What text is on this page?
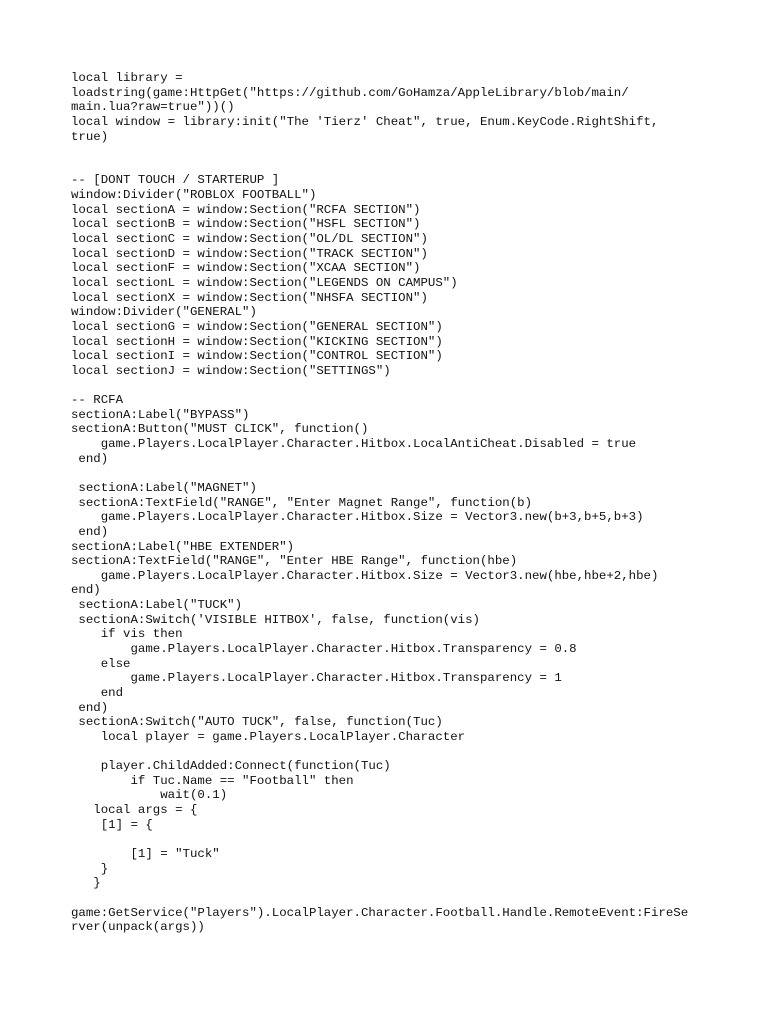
local library =
loadstring(game:HttpGet("https://github.com/GoHamza/AppleLibrary/blob/main/
main.lua?raw=true"))()
local window = library:init("The 'Tierz' Cheat", true, Enum.KeyCode.RightShift,
true)
-- [DONT TOUCH / STARTERUP ]
window:Divider("ROBLOX FOOTBALL")
local sectionA = window:Section("RCFA SECTION")
local sectionB = window:Section("HSFL SECTION")
local sectionC = window:Section("OL/DL SECTION")
local sectionD = window:Section("TRACK SECTION")
local sectionF = window:Section("XCAA SECTION")
local sectionL = window:Section("LEGENDS ON CAMPUS")
local sectionX = window:Section("NHSFA SECTION")
window:Divider("GENERAL")
local sectionG = window:Section("GENERAL SECTION")
local sectionH = window:Section("KICKING SECTION")
local sectionI = window:Section("CONTROL SECTION")
local sectionJ = window:Section("SETTINGS")
-- RCFA
sectionA:Label("BYPASS")
sectionA:Button("MUST CLICK", function()
game.Players.LocalPlayer.Character.Hitbox.LocalAntiCheat.Disabled = true
end)
sectionA:Label("MAGNET")
sectionA:TextField("RANGE", "Enter Magnet Range", function(b)
game.Players.LocalPlayer.Character.Hitbox.Size = Vector3.new(b+3,b+5,b+3)
end)
sectionA:Label("HBE EXTENDER")
sectionA:TextField("RANGE", "Enter HBE Range", function(hbe)
game.Players.LocalPlayer.Character.Hitbox.Size = Vector3.new(hbe,hbe+2,hbe)
end)
sectionA:Label("TUCK")
sectionA:Switch('VISIBLE HITBOX', false, function(vis)
if vis then
game.Players.LocalPlayer.Character.Hitbox.Transparency = 0.8
else
game.Players.LocalPlayer.Character.Hitbox.Transparency = 1
end
end)
sectionA:Switch("AUTO TUCK", false, function(Tuc)
local player = game.Players.LocalPlayer.Character
player.ChildAdded:Connect(function(Tuc)
if Tuc.Name == "Football" then
wait(0.1)
local args = {
[1] = {
[1] = "Tuck"
}
}
game:GetService("Players").LocalPlayer.Character.Football.Handle.RemoteEvent:FireSe
rver(unpack(args))
